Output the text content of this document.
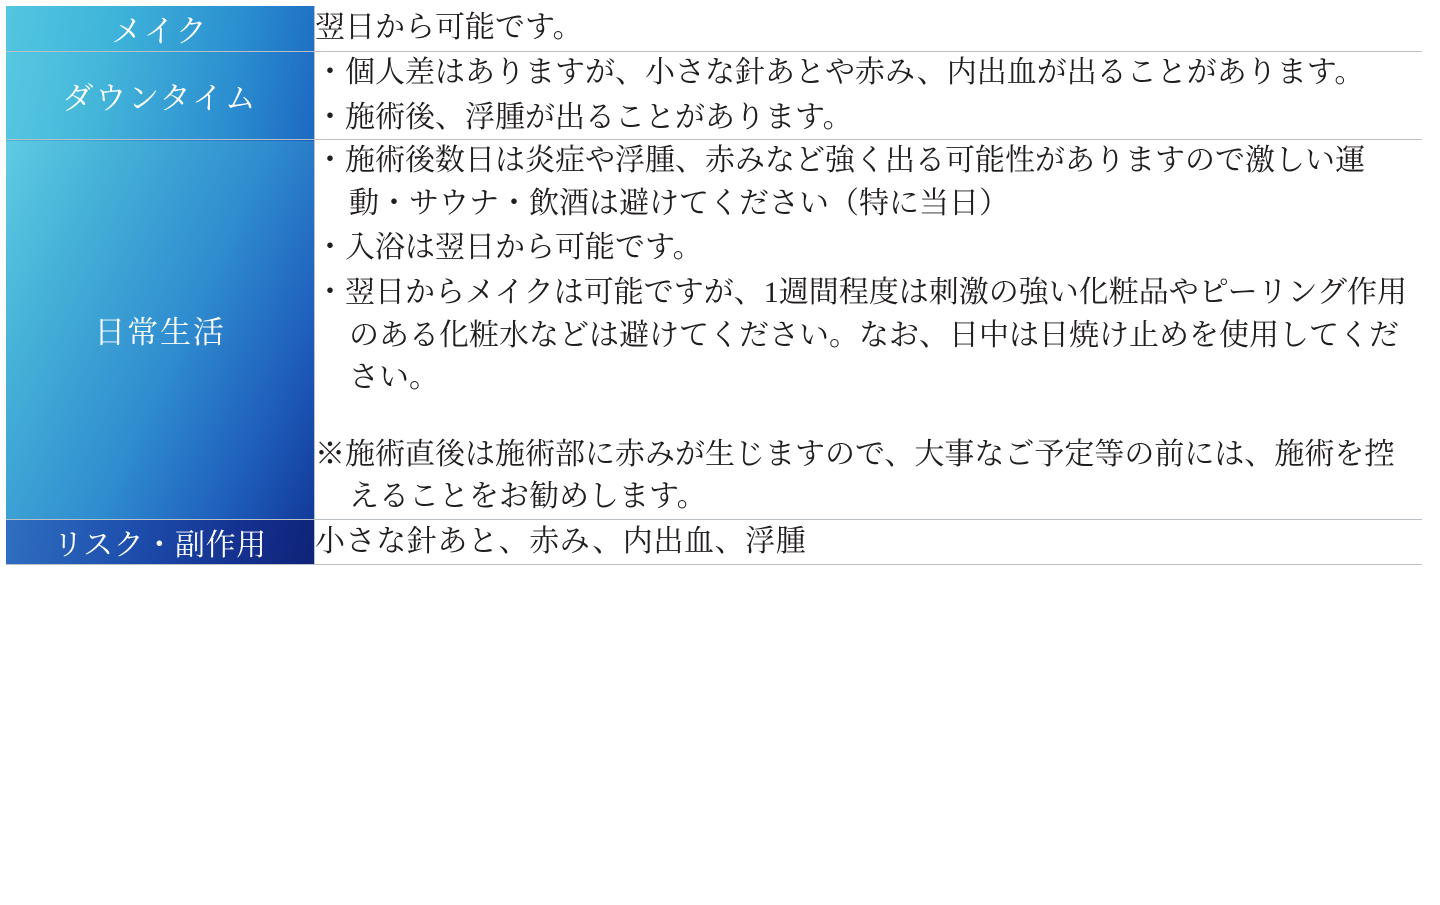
メイク	翌日から可能です。

ダウンタイム	・個人差はありますが、小さな針あとや赤み、内出血が出ることがあります。
・施術後、浮腫が出ることがあります。

日常生活	・施術後数日は炎症や浮腫、赤みなど強く出る可能性がありますので激しい運動・サウナ・飲酒は避けてください（特に当日）
・入浴は翌日から可能です。
・翌日からメイクは可能ですが、1週間程度は刺激の強い化粧品やピーリング作用のある化粧水などは避けてください。なお、日中は日焼け止めを使用してください。
※施術直後は施術部に赤みが生じますので、大事なご予定等の前には、施術を控えることをお勧めします。

リスク・副作用	小さな針あと、赤み、内出血、浮腫
